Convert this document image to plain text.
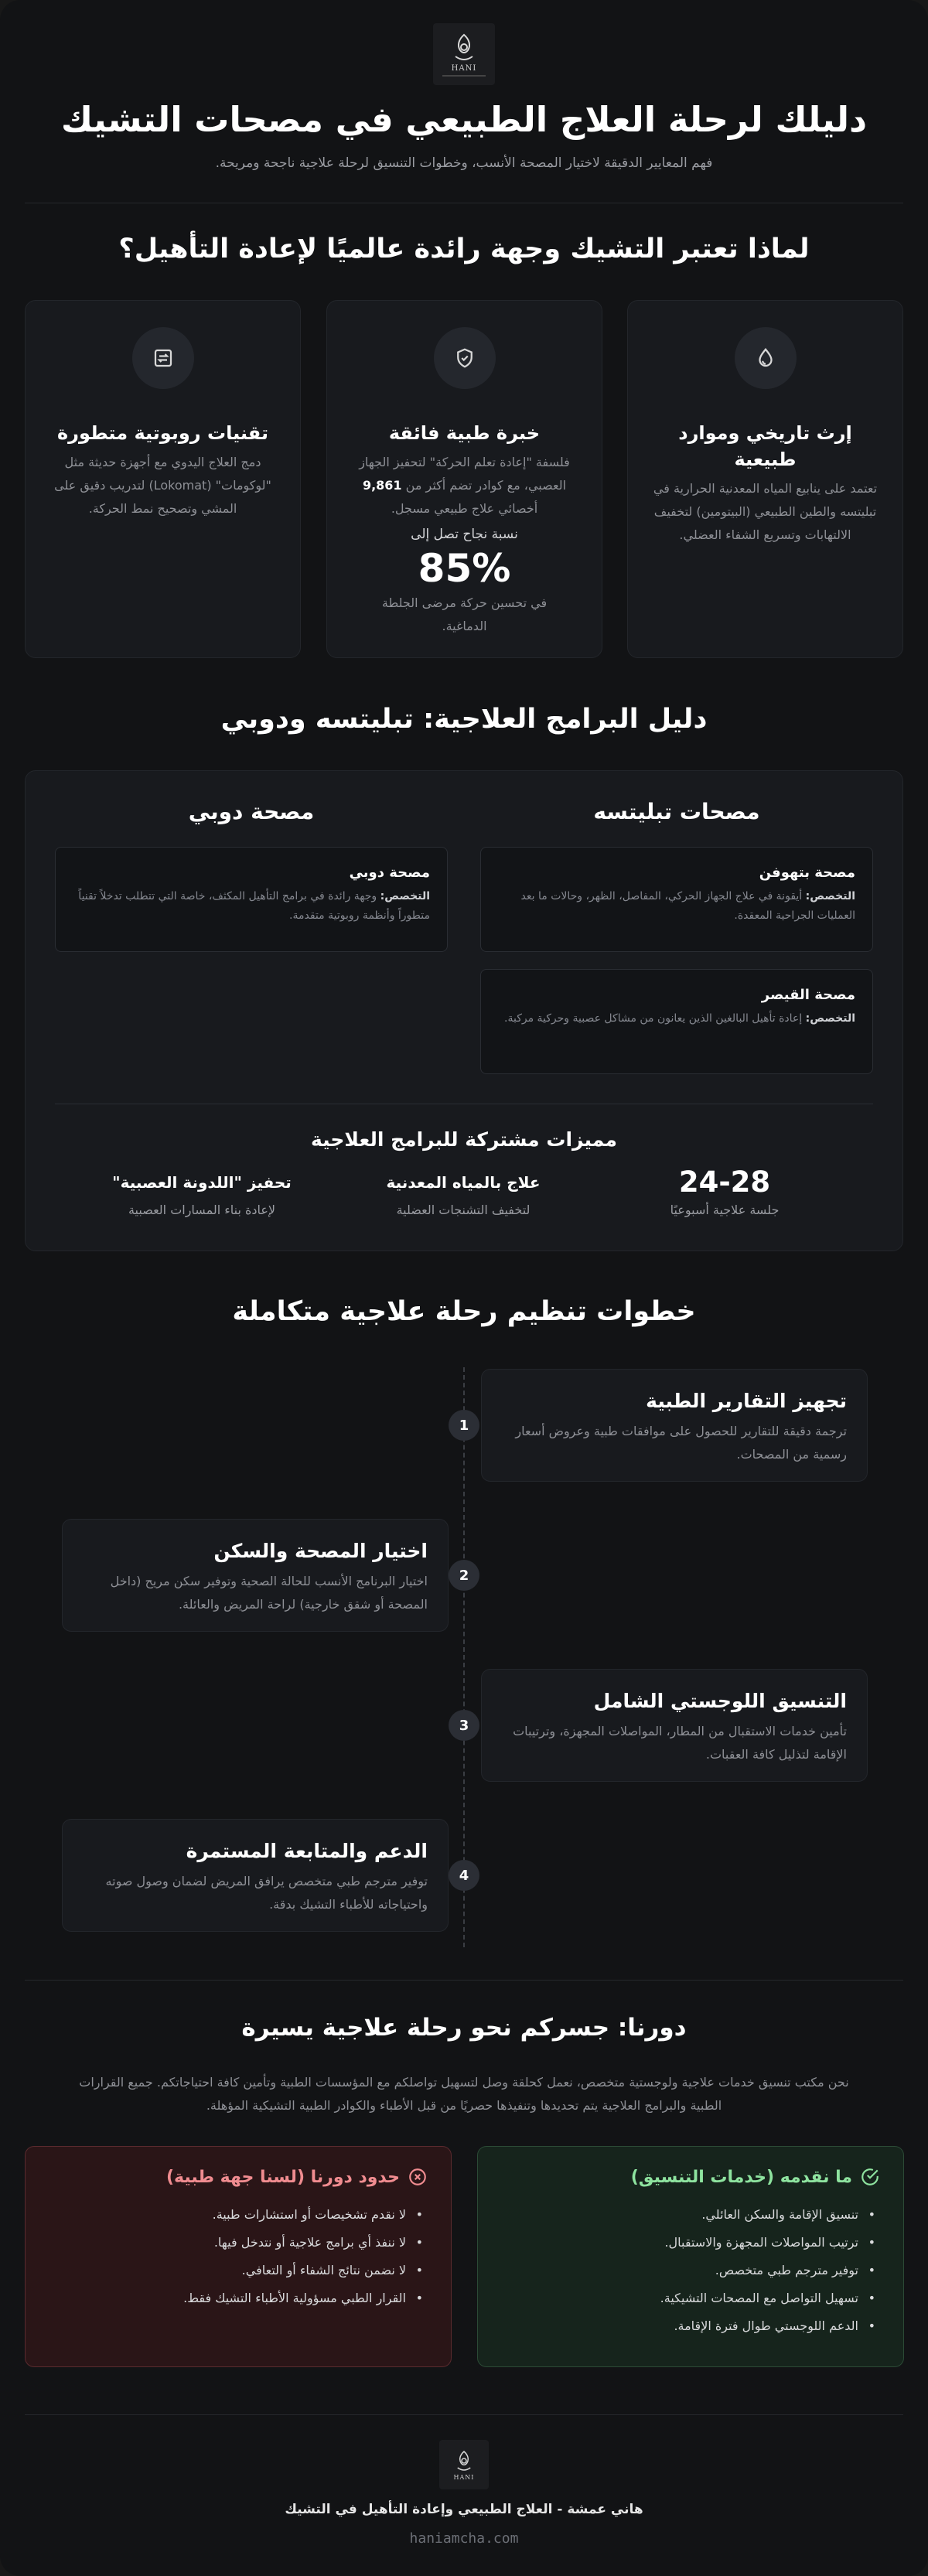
HANI
دليلك لرحلة العلاج الطبيعي في مصحات التشيك

فهم المعايير الدقيقة لاختيار المصحة الأنسب، وخطوات التنسيق لرحلة علاجية ناجحة ومريحة.

لماذا تعتبر التشيك وجهة رائدة عالميًا لإعادة التأهيل؟
إرث تاريخي وموارد طبيعية
تعتمد على ينابيع المياه المعدنية الحرارية في تبليتسه والطين الطبيعي (البيتومين) لتخفيف الالتهابات وتسريع الشفاء العضلي.
خبرة طبية فائقة
فلسفة "إعادة تعلم الحركة" لتحفيز الجهاز العصبي، مع كوادر تضم أكثر من 9,861 أخصائي علاج طبيعي مسجل.
نسبة نجاح تصل إلى
85%
في تحسين حركة مرضى الجلطة الدماغية.
تقنيات روبوتية متطورة
دمج العلاج اليدوي مع أجهزة حديثة مثل "لوكومات" (Lokomat) لتدريب دقيق على المشي وتصحيح نمط الحركة.
دليل البرامج العلاجية: تبليتسه ودوبي
مصحات تبليتسه
مصحة دوبي
مصحة بتهوفن
التخصص: أيقونة في علاج الجهاز الحركي، المفاصل، الظهر، وحالات ما بعد العمليات الجراحية المعقدة.
مصحة القيصر
التخصص: إعادة تأهيل البالغين الذين يعانون من مشاكل عصبية وحركية مركبة.
مصحة دوبي
التخصص: وجهة رائدة في برامج التأهيل المكثف، خاصة التي تتطلب تدخلاً تقنياً متطوراً وأنظمة روبوتية متقدمة.
مميزات مشتركة للبرامج العلاجية
24-28
جلسة علاجية أسبوعيًا
علاج بالمياه المعدنية
لتخفيف التشنجات العضلية
تحفيز "اللدونة العصبية"
لإعادة بناء المسارات العصبية
خطوات تنظيم رحلة علاجية متكاملة
تجهيز التقارير الطبية
ترجمة دقيقة للتقارير للحصول على موافقات طبية وعروض أسعار رسمية من المصحات.
1
اختيار المصحة والسكن
اختيار البرنامج الأنسب للحالة الصحية وتوفير سكن مريح (داخل المصحة أو شقق خارجية) لراحة المريض والعائلة.
2
التنسيق اللوجستي الشامل
تأمين خدمات الاستقبال من المطار، المواصلات المجهزة، وترتيبات الإقامة لتذليل كافة العقبات.
3
الدعم والمتابعة المستمرة
توفير مترجم طبي متخصص يرافق المريض لضمان وصول صوته واحتياجاته للأطباء التشيك بدقة.
4
دورنا: جسركم نحو رحلة علاجية يسيرة

نحن مكتب تنسيق خدمات علاجية ولوجستية متخصص، نعمل كحلقة وصل لتسهيل تواصلكم مع المؤسسات الطبية وتأمين كافة احتياجاتكم. جميع القرارات الطبية والبرامج العلاجية يتم تحديدها وتنفيذها حصريًا من قبل الأطباء والكوادر الطبية التشيكية المؤهلة.

ما نقدمه (خدمات التنسيق)
• تنسيق الإقامة والسكن العائلي.
• ترتيب المواصلات المجهزة والاستقبال.
• توفير مترجم طبي متخصص.
• تسهيل التواصل مع المصحات التشيكية.
• الدعم اللوجستي طوال فترة الإقامة.
حدود دورنا (لسنا جهة طبية)
• لا نقدم تشخيصات أو استشارات طبية.
• لا ننفذ أي برامج علاجية أو نتدخل فيها.
• لا نضمن نتائج الشفاء أو التعافي.
• القرار الطبي مسؤولية الأطباء التشيك فقط.
HANI
هاني عمشة - العلاج الطبيعي وإعادة التأهيل في التشيك
haniamcha.com
